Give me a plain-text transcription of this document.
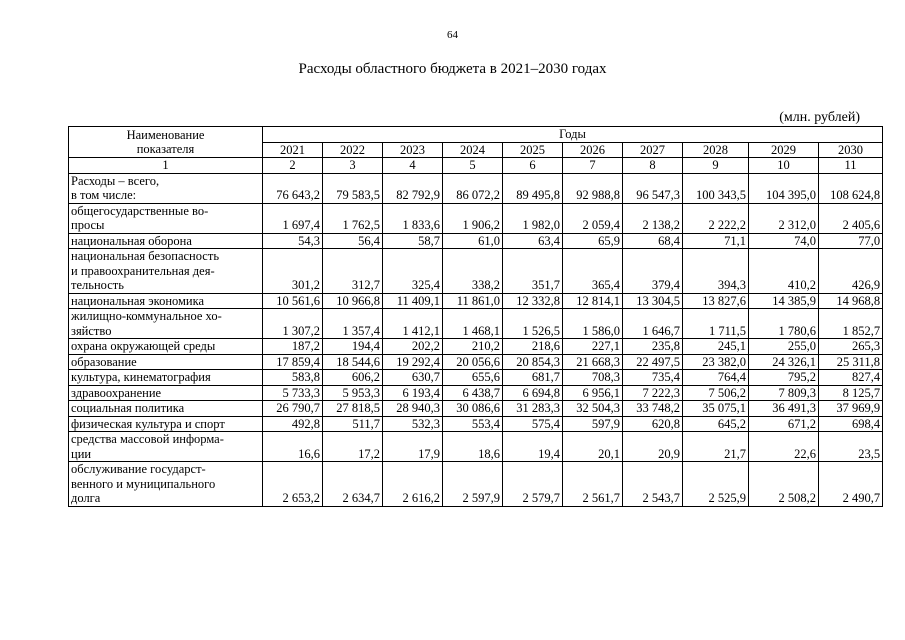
64
Расходы областного бюджета в 2021–2030 годах
(млн. рублей)
Наименование
показателя	Годы									
	2021	2022	2023	2024	2025	2026	2027	2028	2029	2030
1	2	3	4	5	6	7	8	9	10	11
Расходы – всего,
в том числе:	76 643,2	79 583,5	82 792,9	86 072,2	89 495,8	92 988,8	96 547,3	100 343,5	104 395,0	108 624,8
общегосударственные во-
просы	1 697,4	1 762,5	1 833,6	1 906,2	1 982,0	2 059,4	2 138,2	2 222,2	2 312,0	2 405,6
национальная оборона	54,3	56,4	58,7	61,0	63,4	65,9	68,4	71,1	74,0	77,0
национальная безопасность
и правоохранительная дея-
тельность	301,2	312,7	325,4	338,2	351,7	365,4	379,4	394,3	410,2	426,9
национальная экономика	10 561,6	10 966,8	11 409,1	11 861,0	12 332,8	12 814,1	13 304,5	13 827,6	14 385,9	14 968,8
жилищно-коммунальное хо-
зяйство	1 307,2	1 357,4	1 412,1	1 468,1	1 526,5	1 586,0	1 646,7	1 711,5	1 780,6	1 852,7
охрана окружающей среды	187,2	194,4	202,2	210,2	218,6	227,1	235,8	245,1	255,0	265,3
образование	17 859,4	18 544,6	19 292,4	20 056,6	20 854,3	21 668,3	22 497,5	23 382,0	24 326,1	25 311,8
культура, кинематография	583,8	606,2	630,7	655,6	681,7	708,3	735,4	764,4	795,2	827,4
здравоохранение	5 733,3	5 953,3	6 193,4	6 438,7	6 694,8	6 956,1	7 222,3	7 506,2	7 809,3	8 125,7
социальная политика	26 790,7	27 818,5	28 940,3	30 086,6	31 283,3	32 504,3	33 748,2	35 075,1	36 491,3	37 969,9
физическая культура и спорт	492,8	511,7	532,3	553,4	575,4	597,9	620,8	645,2	671,2	698,4
средства массовой информа-
ции	16,6	17,2	17,9	18,6	19,4	20,1	20,9	21,7	22,6	23,5
обслуживание государст-
венного и муниципального
долга	2 653,2	2 634,7	2 616,2	2 597,9	2 579,7	2 561,7	2 543,7	2 525,9	2 508,2	2 490,7
